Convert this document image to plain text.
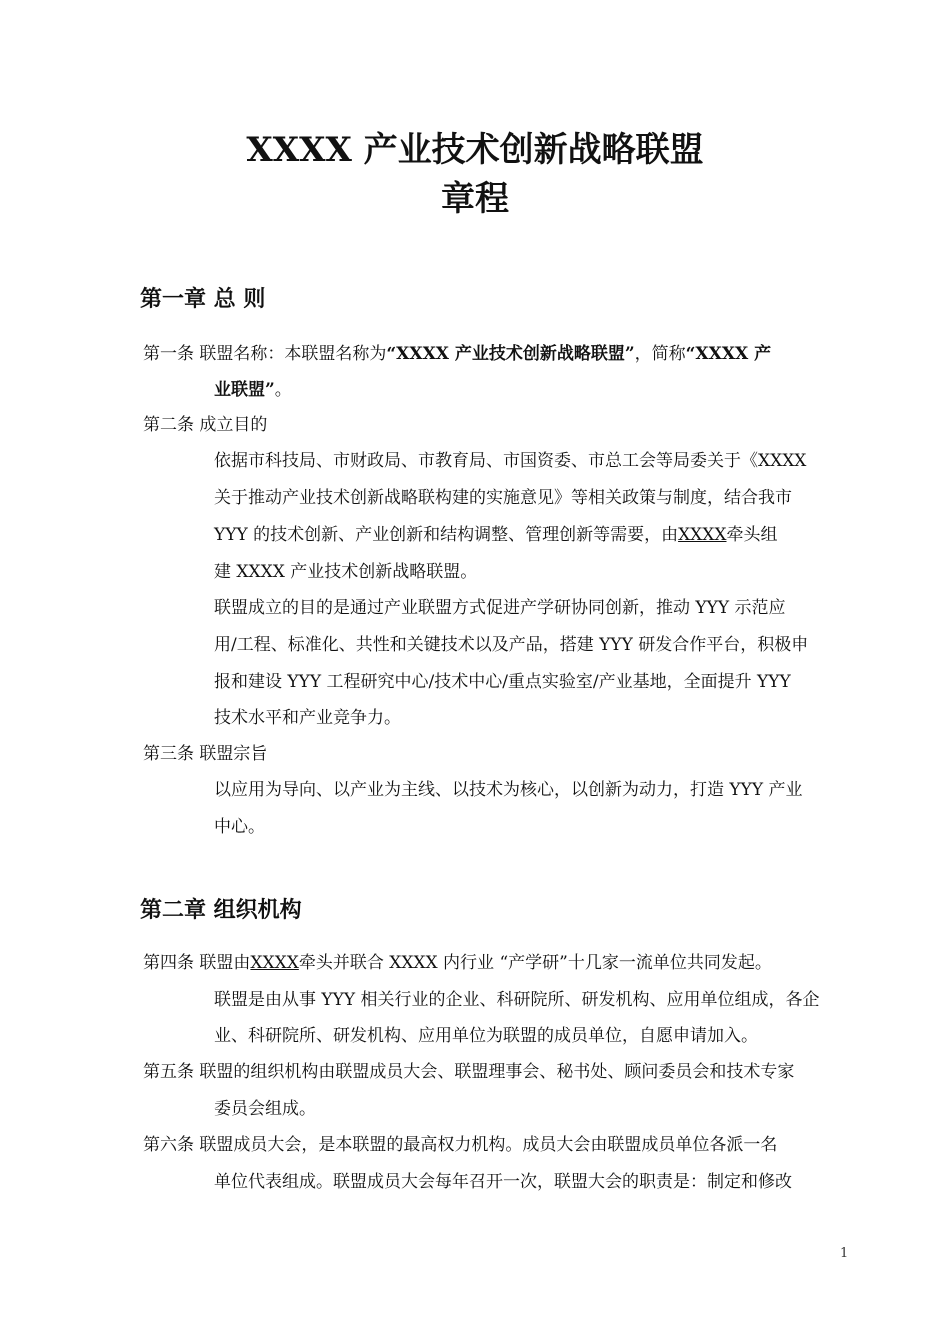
XXXX 产业技术创新战略联盟
章程
第一章 总 则
第一条 联盟名称：本联盟名称为“XXXX 产业技术创新战略联盟”，简称“XXXX 产
业联盟”。
第二条 成立目的
依据市科技局、市财政局、市教育局、市国资委、市总工会等局委关于《XXXX
关于推动产业技术创新战略联构建的实施意见》等相关政策与制度，结合我市
YYY 的技术创新、产业创新和结构调整、管理创新等需要，由XXXX牵头组
建 XXXX 产业技术创新战略联盟。
联盟成立的目的是通过产业联盟方式促进产学研协同创新，推动 YYY 示范应
用/工程、标准化、共性和关键技术以及产品，搭建 YYY 研发合作平台，积极申
报和建设 YYY 工程研究中心/技术中心/重点实验室/产业基地，全面提升 YYY
技术水平和产业竞争力。
第三条 联盟宗旨
以应用为导向、以产业为主线、以技术为核心，以创新为动力，打造 YYY 产业
中心。
第二章 组织机构
第四条 联盟由XXXX牵头并联合 XXXX 内行业 “产学研”十几家一流单位共同发起。
联盟是由从事 YYY 相关行业的企业、科研院所、研发机构、应用单位组成，各企
业、科研院所、研发机构、应用单位为联盟的成员单位，自愿申请加入。
第五条 联盟的组织机构由联盟成员大会、联盟理事会、秘书处、顾问委员会和技术专家
委员会组成。
第六条 联盟成员大会，是本联盟的最高权力机构。成员大会由联盟成员单位各派一名
单位代表组成。联盟成员大会每年召开一次，联盟大会的职责是：制定和修改
1
